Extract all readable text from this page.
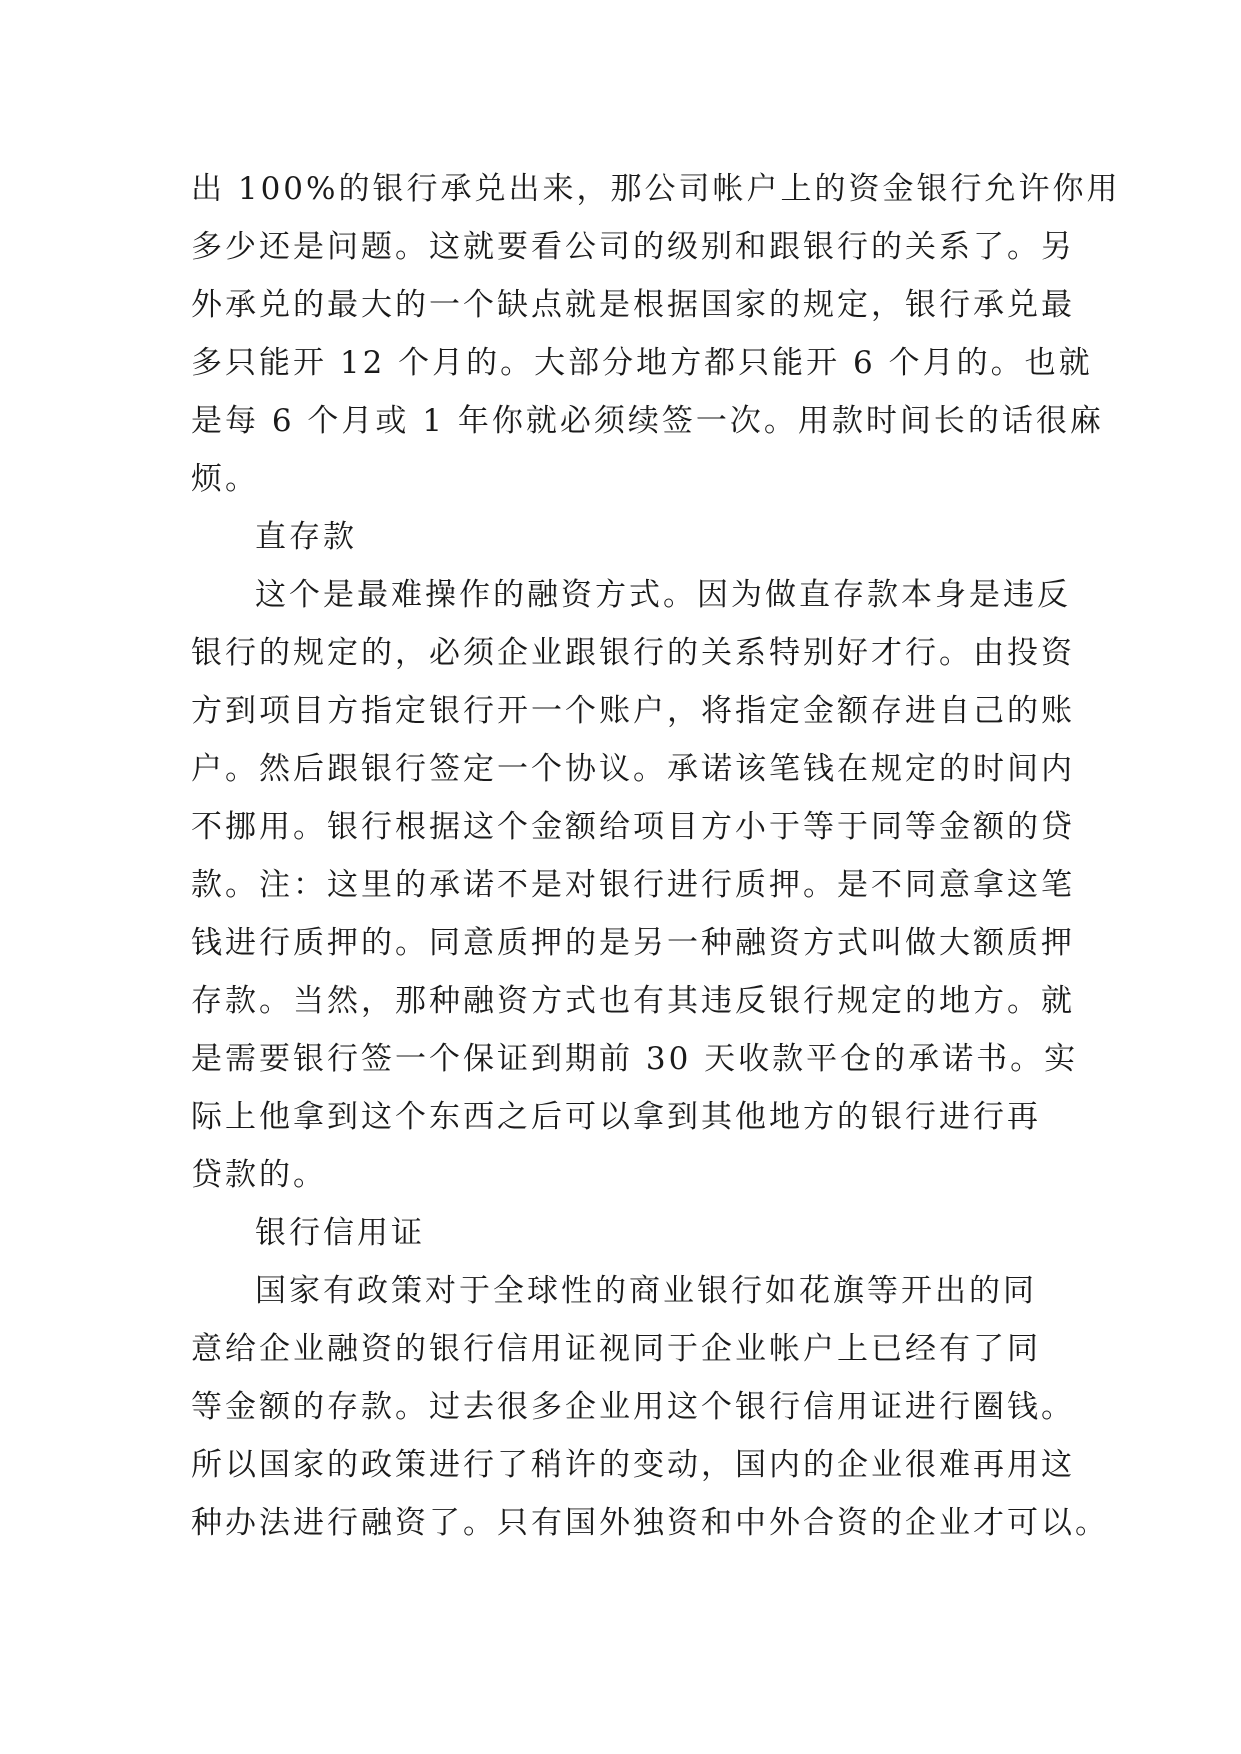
出 100%的银行承兑出来，那公司帐户上的资金银行允许你用
多少还是问题。这就要看公司的级别和跟银行的关系了。另
外承兑的最大的一个缺点就是根据国家的规定，银行承兑最
多只能开 12 个月的。大部分地方都只能开 6 个月的。也就
是每 6 个月或 1 年你就必须续签一次。用款时间长的话很麻
烦。
直存款
这个是最难操作的融资方式。因为做直存款本身是违反
银行的规定的，必须企业跟银行的关系特别好才行。由投资
方到项目方指定银行开一个账户，将指定金额存进自己的账
户。然后跟银行签定一个协议。承诺该笔钱在规定的时间内
不挪用。银行根据这个金额给项目方小于等于同等金额的贷
款。注：这里的承诺不是对银行进行质押。是不同意拿这笔
钱进行质押的。同意质押的是另一种融资方式叫做大额质押
存款。当然，那种融资方式也有其违反银行规定的地方。就
是需要银行签一个保证到期前 30 天收款平仓的承诺书。实
际上他拿到这个东西之后可以拿到其他地方的银行进行再
贷款的。
银行信用证
国家有政策对于全球性的商业银行如花旗等开出的同
意给企业融资的银行信用证视同于企业帐户上已经有了同
等金额的存款。过去很多企业用这个银行信用证进行圈钱。
所以国家的政策进行了稍许的变动，国内的企业很难再用这
种办法进行融资了。只有国外独资和中外合资的企业才可以。
